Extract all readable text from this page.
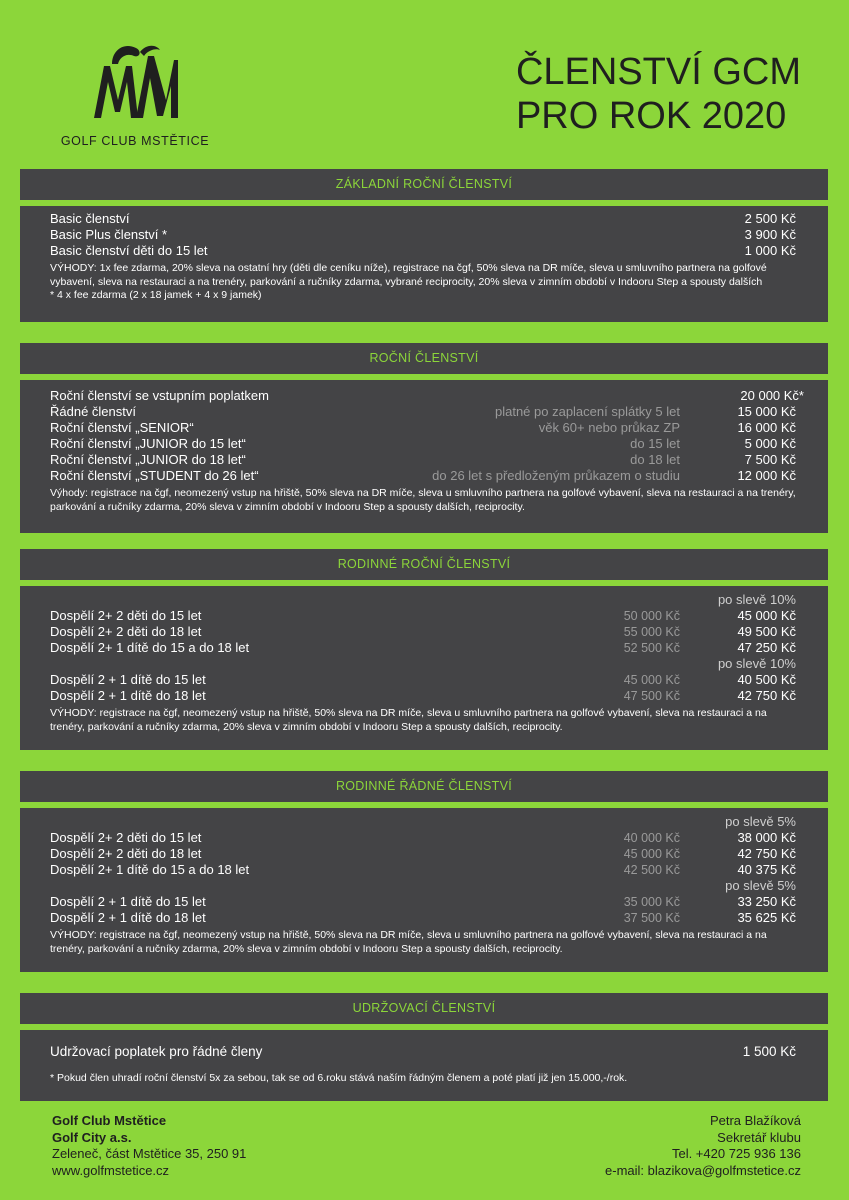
GOLF CLUB MSTĚTICE
ČLENSTVÍ GCM
PRO ROK 2020
ZÁKLADNÍ ROČNÍ ČLENSTVÍ
Basic členství	2 500 Kč
Basic Plus členství *	3 900 Kč
Basic členství děti do 15 let	1 000 Kč
VÝHODY: 1x fee zdarma, 20% sleva na ostatní hry (děti dle ceníku níže), registrace na čgf, 50% sleva na DR míče, sleva u smluvního partnera na golfové vybavení, sleva na restauraci a na trenéry, parkování a ručníky zdarma, vybrané reciprocity, 20% sleva v zimním období v Indooru Step a spousty dalších
* 4 x fee zdarma (2 x 18 jamek + 4 x 9 jamek)
ROČNÍ ČLENSTVÍ
Roční členství se vstupním poplatkem	20 000 Kč*
Řádné členství	platné po zaplacení splátky 5 let	15 000 Kč
Roční členství „SENIOR“	věk 60+ nebo průkaz ZP	16 000 Kč
Roční členství „JUNIOR do 15 let“	do 15 let	5 000 Kč
Roční členství „JUNIOR do 18 let“	do 18 let	7 500 Kč
Roční členství „STUDENT do 26 let“	do 26 let s předloženým průkazem o studiu	12 000 Kč
Výhody: registrace na čgf, neomezený vstup na hřiště, 50% sleva na DR míče, sleva u smluvního partnera na golfové vybavení, sleva na restauraci a na trenéry, parkování a ručníky zdarma, 20% sleva v zimním období v Indooru Step a spousty dalších, reciprocity.
RODINNÉ ROČNÍ ČLENSTVÍ
po slevě 10%
Dospělí 2+ 2 děti do 15 let	50 000 Kč	45 000 Kč
Dospělí 2+ 2 děti do 18 let	55 000 Kč	49 500 Kč
Dospělí 2+ 1 dítě do 15 a do 18 let	52 500 Kč	47 250 Kč
po slevě 10%
Dospělí 2 + 1 dítě do 15 let	45 000 Kč	40 500 Kč
Dospělí 2 + 1 dítě do 18 let	47 500 Kč	42 750 Kč
VÝHODY: registrace na čgf, neomezený vstup na hřiště, 50% sleva na DR míče, sleva u smluvního partnera na golfové vybavení, sleva na restauraci a na trenéry, parkování a ručníky zdarma, 20% sleva v zimním období v Indooru Step a spousty dalších, reciprocity.
RODINNÉ ŘÁDNÉ ČLENSTVÍ
po slevě 5%
Dospělí 2+ 2 děti do 15 let	40 000 Kč	38 000 Kč
Dospělí 2+ 2 děti do 18 let	45 000 Kč	42 750 Kč
Dospělí 2+ 1 dítě do 15 a do 18 let	42 500 Kč	40 375 Kč
po slevě 5%
Dospělí 2 + 1 dítě do 15 let	35 000 Kč	33 250 Kč
Dospělí 2 + 1 dítě do 18 let	37 500 Kč	35 625 Kč
VÝHODY: registrace na čgf, neomezený vstup na hřiště, 50% sleva na DR míče, sleva u smluvního partnera na golfové vybavení, sleva na restauraci a na trenéry, parkování a ručníky zdarma, 20% sleva v zimním období v Indooru Step a spousty dalších, reciprocity.
UDRŽOVACÍ ČLENSTVÍ
Udržovací poplatek pro řádné členy	1 500 Kč
* Pokud člen uhradí roční členství 5x za sebou, tak se od 6.roku stává naším řádným členem a poté platí již jen 15.000,-/rok.
Golf Club Mstětice
Golf City a.s.
Zeleneč, část Mstětice 35, 250 91
www.golfmstetice.cz
Petra Blažíková
Sekretář klubu
Tel. +420 725 936 136
e-mail: blazikova@golfmstetice.cz
